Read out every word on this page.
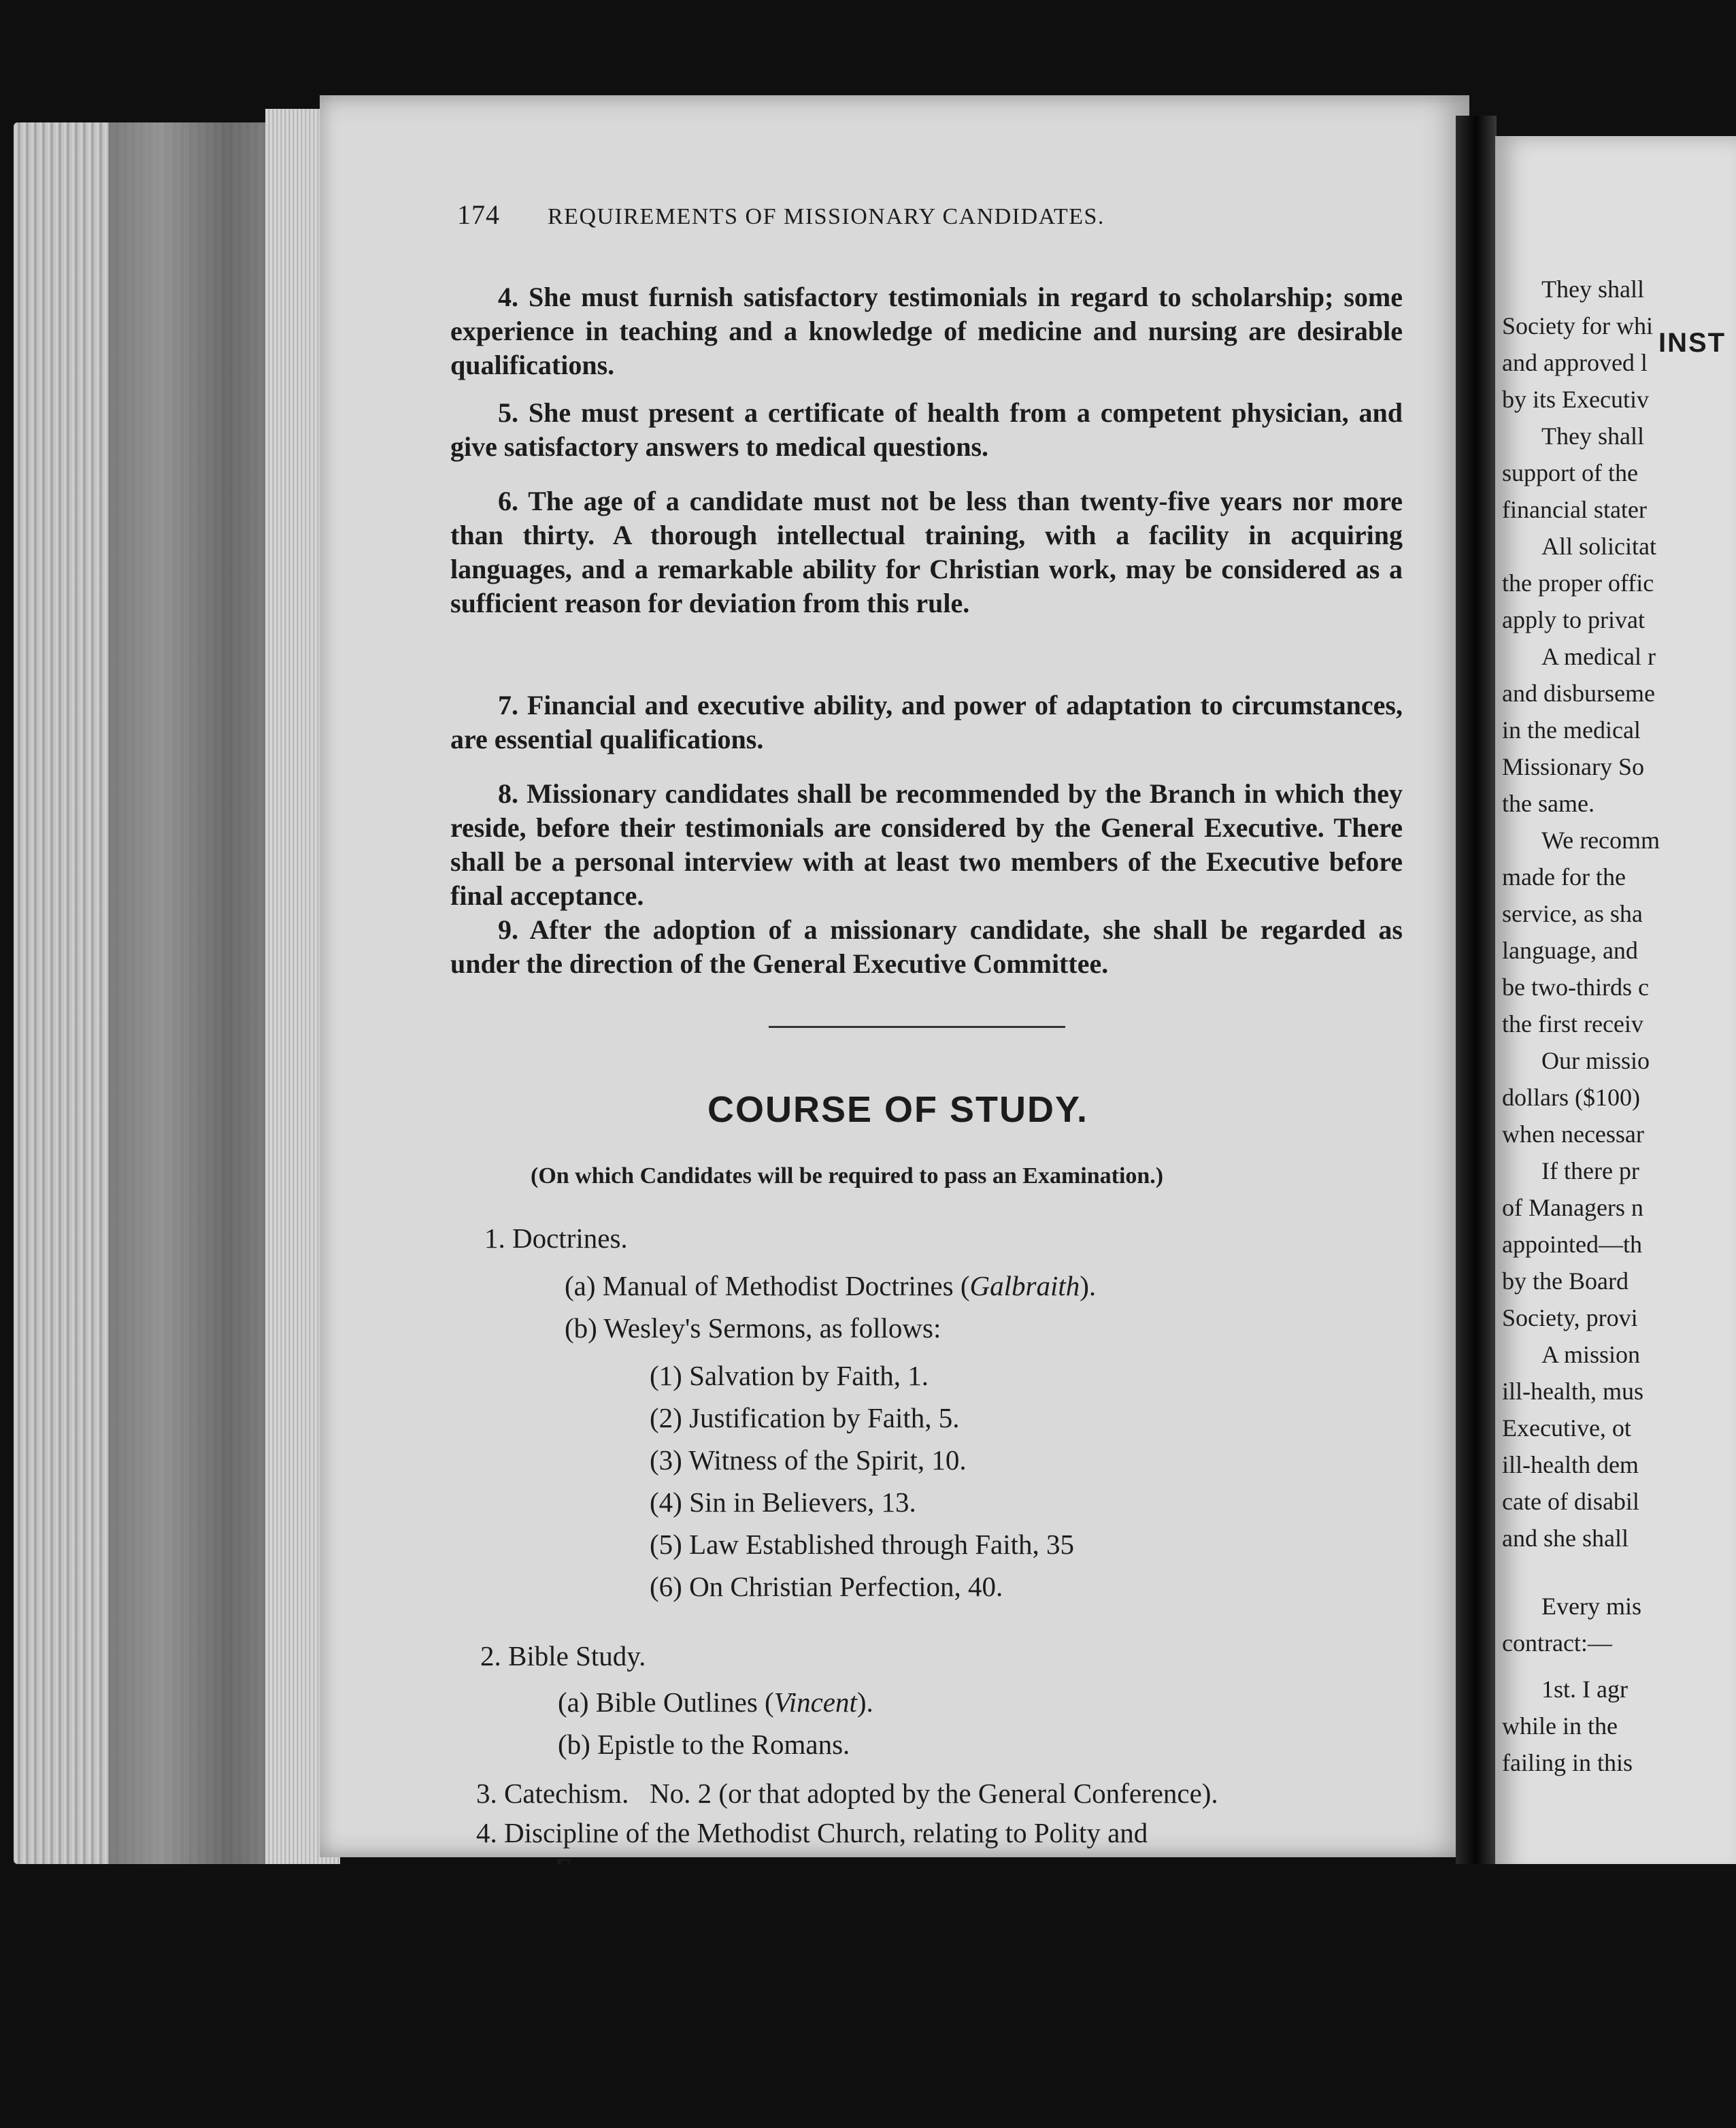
174 REQUIREMENTS OF MISSIONARY CANDIDATES.
4. She must furnish satisfactory testimonials in regard to scholarship; some experience in teaching and a knowledge of medicine and nursing are desirable qualifications.
5. She must present a certificate of health from a competent physician, and give satisfactory answers to medical questions.
6. The age of a candidate must not be less than twenty-five years nor more than thirty. A thorough intellectual training, with a facility in acquiring languages, and a remarkable ability for Christian work, may be considered as a sufficient reason for deviation from this rule.
7. Financial and executive ability, and power of adaptation to circumstances, are essential qualifications.
8. Missionary candidates shall be recommended by the Branch in which they reside, before their testimonials are considered by the General Executive. There shall be a personal interview with at least two members of the Executive before final acceptance.
9. After the adoption of a missionary candidate, she shall be regarded as under the direction of the General Executive Committee.
COURSE OF STUDY.
(On which Candidates will be required to pass an Examination.)
1. Doctrines.
(a) Manual of Methodist Doctrines (Galbraith).
(b) Wesley's Sermons, as follows:
(1) Salvation by Faith, 1.
(2) Justification by Faith, 5.
(3) Witness of the Spirit, 10.
(4) Sin in Believers, 13.
(5) Law Established through Faith, 35
(6) On Christian Perfection, 40.
2. Bible Study.
(a) Bible Outlines (Vincent).
(b) Epistle to the Romans.
3. Catechism.   No. 2 (or that adopted by the General Conference).
4. Discipline of the Methodist Church, relating to Polity and
INST
They shall
Society for whi
and approved l
by its Executiv
They shall
support of the
financial stater
All solicitat
the proper offic
apply to privat
A medical r
and disburseme
in the medical
Missionary So
the same.
We recomm
made for the
service, as sha
language, and
be two-thirds c
the first receiv
Our missio
dollars ($100)
when necessar
If there pr
of Managers n
appointed—th
by the Board
Society, provi
A mission
ill-health, mus
Executive, ot
ill-health dem
cate of disabil
and she shall
Every mis
contract:—
1st. I agr
while in the
failing in this
